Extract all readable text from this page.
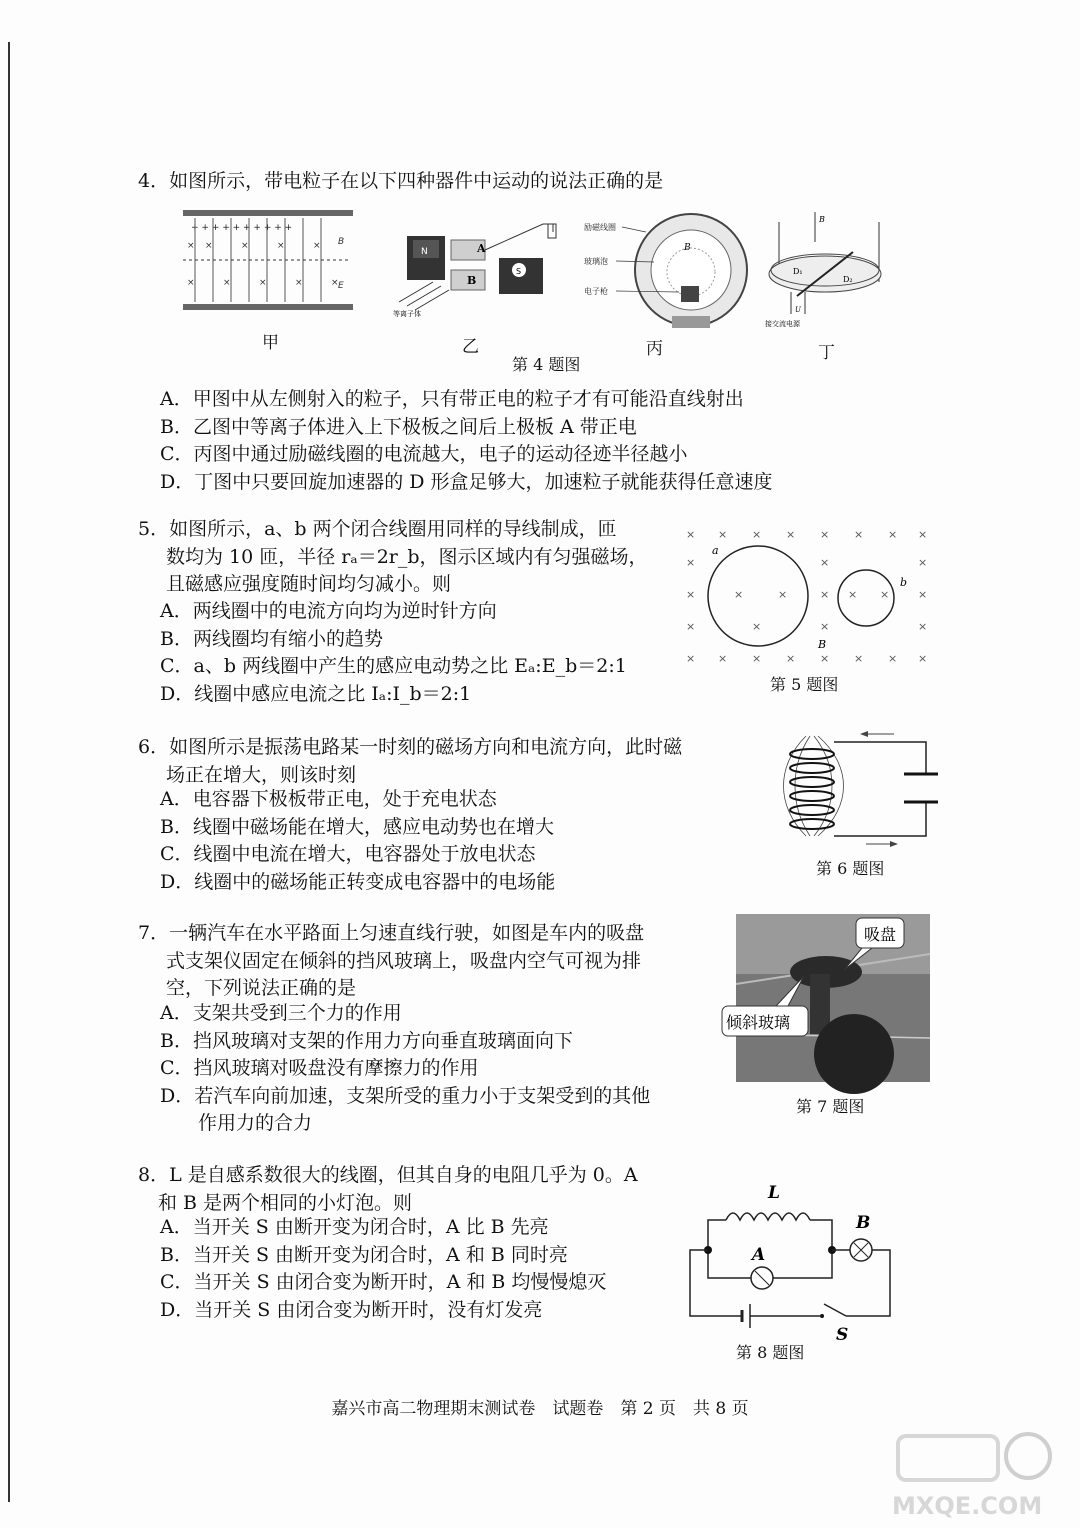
4．如图所示，带电粒子在以下四种器件中运动的说法正确的是
+ + + + + + + + + +
× ×	×	×	×
×	×	×	×	×
B
E
甲
N	A
B
S
等离子体
乙
B
励磁线圈
玻璃泡
电子枪
丙
B
D₁
D₂
U
接交流电源
丁
第 4 题图
A．甲图中从左侧射入的粒子，只有带正电的粒子才有可能沿直线射出
B．乙图中等离子体进入上下极板之间后上极板 A 带正电
C．丙图中通过励磁线圈的电流越大，电子的运动径迹半径越小
D．丁图中只要回旋加速器的 D 形盒足够大，加速粒子就能获得任意速度
5．如图所示，a、b 两个闭合线圈用同样的导线制成，匝
数均为 10 匝，半径 rₐ＝2r_b，图示区域内有匀强磁场，
且磁感应强度随时间均匀减小。则
A．两线圈中的电流方向均为逆时针方向
B．两线圈均有缩小的趋势
C．a、b 两线圈中产生的感应电动势之比 Eₐ:E_b＝2:1
D．线圈中感应电流之比 Iₐ:I_b＝2:1
× × × × × × × ×
×	×	×
×	×	×	× × ×	×
×	×	×	×
× × × × × × × ×
a
b
B
第 5 题图
6．如图所示是振荡电路某一时刻的磁场方向和电流方向，此时磁
场正在增大，则该时刻
A．电容器下极板带正电，处于充电状态
B．线圈中磁场能在增大，感应电动势也在增大
C．线圈中电流在增大，电容器处于放电状态
D．线圈中的磁场能正转变成电容器中的电场能
第 6 题图
7．一辆汽车在水平路面上匀速直线行驶，如图是车内的吸盘
式支架仪固定在倾斜的挡风玻璃上，吸盘内空气可视为排
空，下列说法正确的是
A．支架共受到三个力的作用
B．挡风玻璃对支架的作用力方向垂直玻璃面向下
C．挡风玻璃对吸盘没有摩擦力的作用
D．若汽车向前加速，支架所受的重力小于支架受到的其他
　　作用力的合力
吸盘
倾斜玻璃
第 7 题图
8．L 是自感系数很大的线圈，但其自身的电阻几乎为 0。A
和 B 是两个相同的小灯泡。则
A．当开关 S 由断开变为闭合时，A 比 B 先亮
B．当开关 S 由断开变为闭合时，A 和 B 同时亮
C．当开关 S 由闭合变为断开时，A 和 B 均慢慢熄灭
D．当开关 S 由闭合变为断开时，没有灯发亮
L
A
B
S
第 8 题图
嘉兴市高二物理期末测试卷　试题卷　第 2 页　共 8 页
MXQE.COM
